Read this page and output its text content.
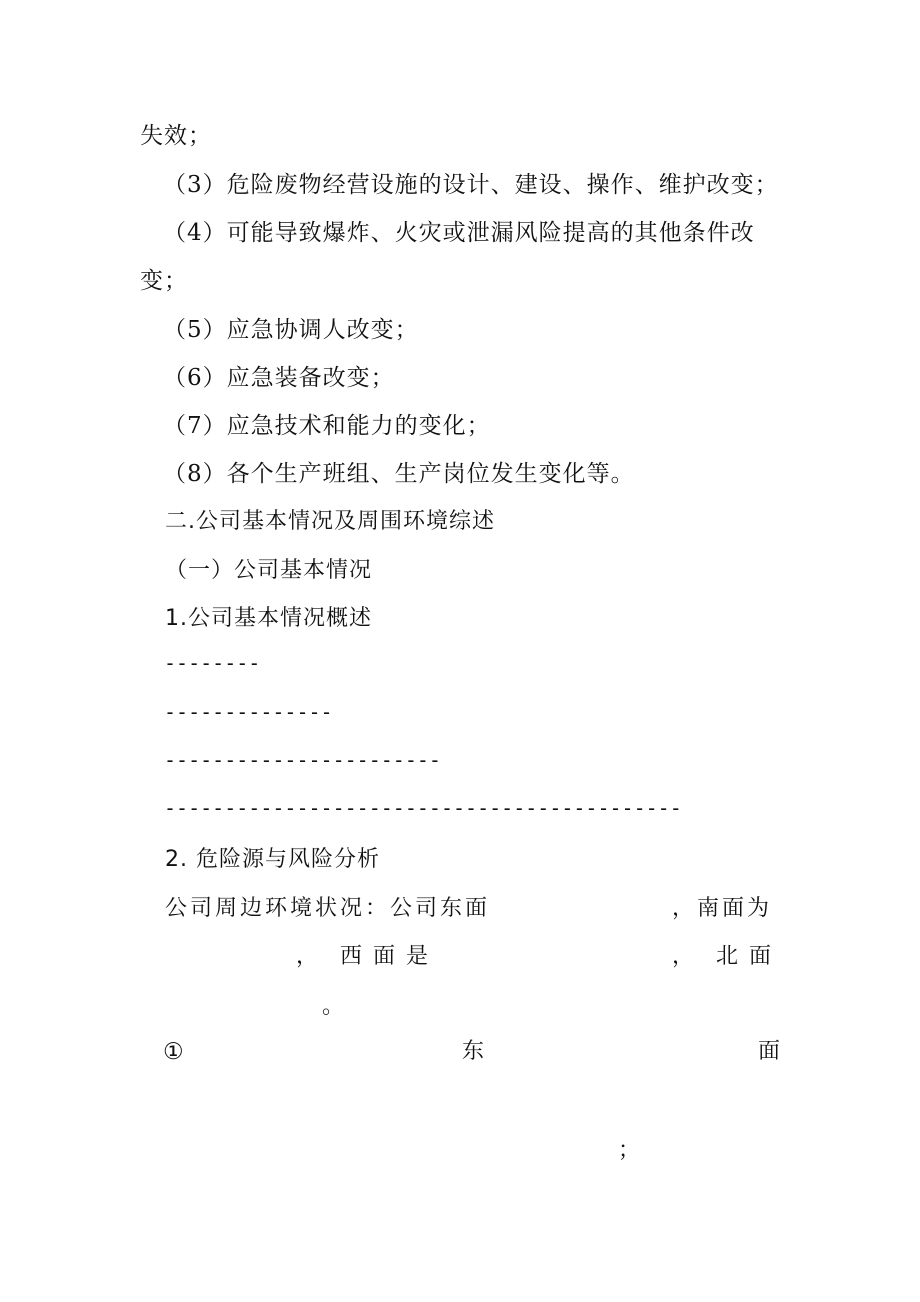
失效；
（3）危险废物经营设施的设计、建设、操作、维护改变；
（4）可能导致爆炸、火灾或泄漏风险提高的其他条件改
变；
（5）应急协调人改变；
（6）应急装备改变；
（7）应急技术和能力的变化；
（8）各个生产班组、生产岗位发生变化等。
二.公司基本情况及周围环境综述
（一）公司基本情况
1.公司基本情况概述
--------
--------------
-----------------------
-------------------------------------------
2. 危险源与风险分析
公司周边环境状况：公司东面	，南面为
， 西 面 是	， 北 面
。
①	东	面
；
